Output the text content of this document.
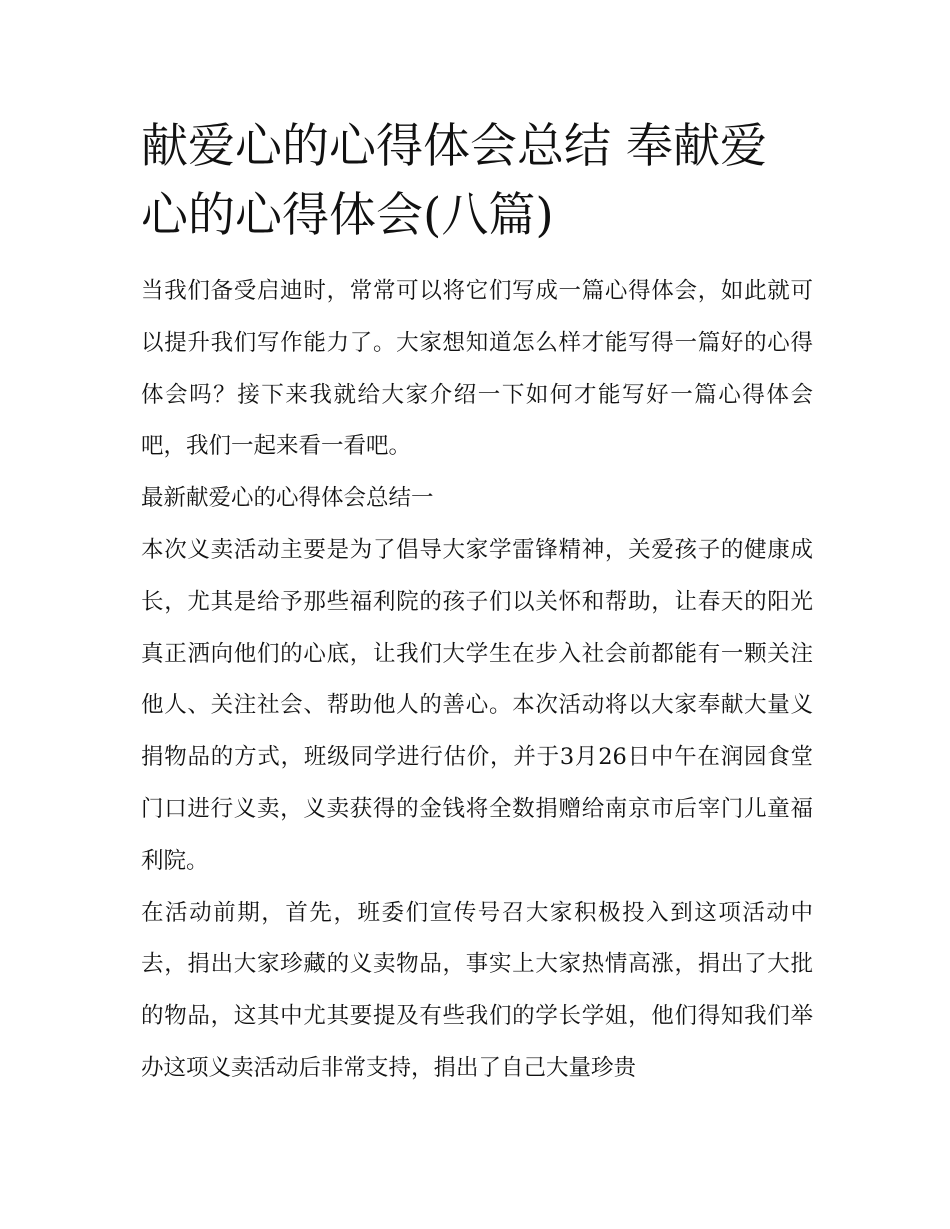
献爱心的心得体会总结 奉献爱心的心得体会(八篇)

当我们备受启迪时，常常可以将它们写成一篇心得体会，如此就可以提升我们写作能力了。大家想知道怎么样才能写得一篇好的心得体会吗？接下来我就给大家介绍一下如何才能写好一篇心得体会吧，我们一起来看一看吧。

最新献爱心的心得体会总结一

本次义卖活动主要是为了倡导大家学雷锋精神，关爱孩子的健康成长，尤其是给予那些福利院的孩子们以关怀和帮助，让春天的阳光真正洒向他们的心底，让我们大学生在步入社会前都能有一颗关注他人、关注社会、帮助他人的善心。本次活动将以大家奉献大量义捐物品的方式，班级同学进行估价，并于3月26日中午在润园食堂门口进行义卖，义卖获得的金钱将全数捐赠给南京市后宰门儿童福利院。

在活动前期，首先，班委们宣传号召大家积极投入到这项活动中去，捐出大家珍藏的义卖物品，事实上大家热情高涨，捐出了大批的物品，这其中尤其要提及有些我们的学长学姐，他们得知我们举办这项义卖活动后非常支持，捐出了自己大量珍贵
